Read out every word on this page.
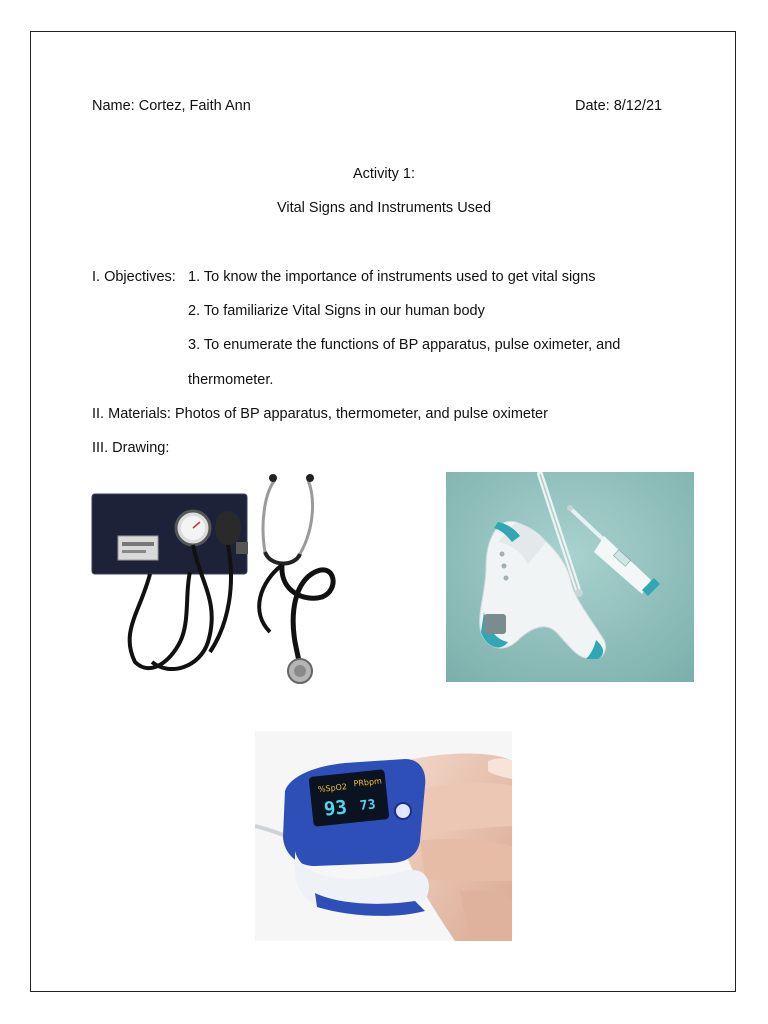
Name: Cortez, Faith Ann	Date: 8/12/21
Activity 1:
Vital Signs and Instruments Used
I. Objectives: 1. To know the importance of instruments used to get vital signs
2. To familiarize Vital Signs in our human body
3. To enumerate the functions of BP apparatus, pulse oximeter, and
thermometer.
II. Materials: Photos of BP apparatus, thermometer, and pulse oximeter
III. Drawing:
%SpO2 PRbpm
93 73
